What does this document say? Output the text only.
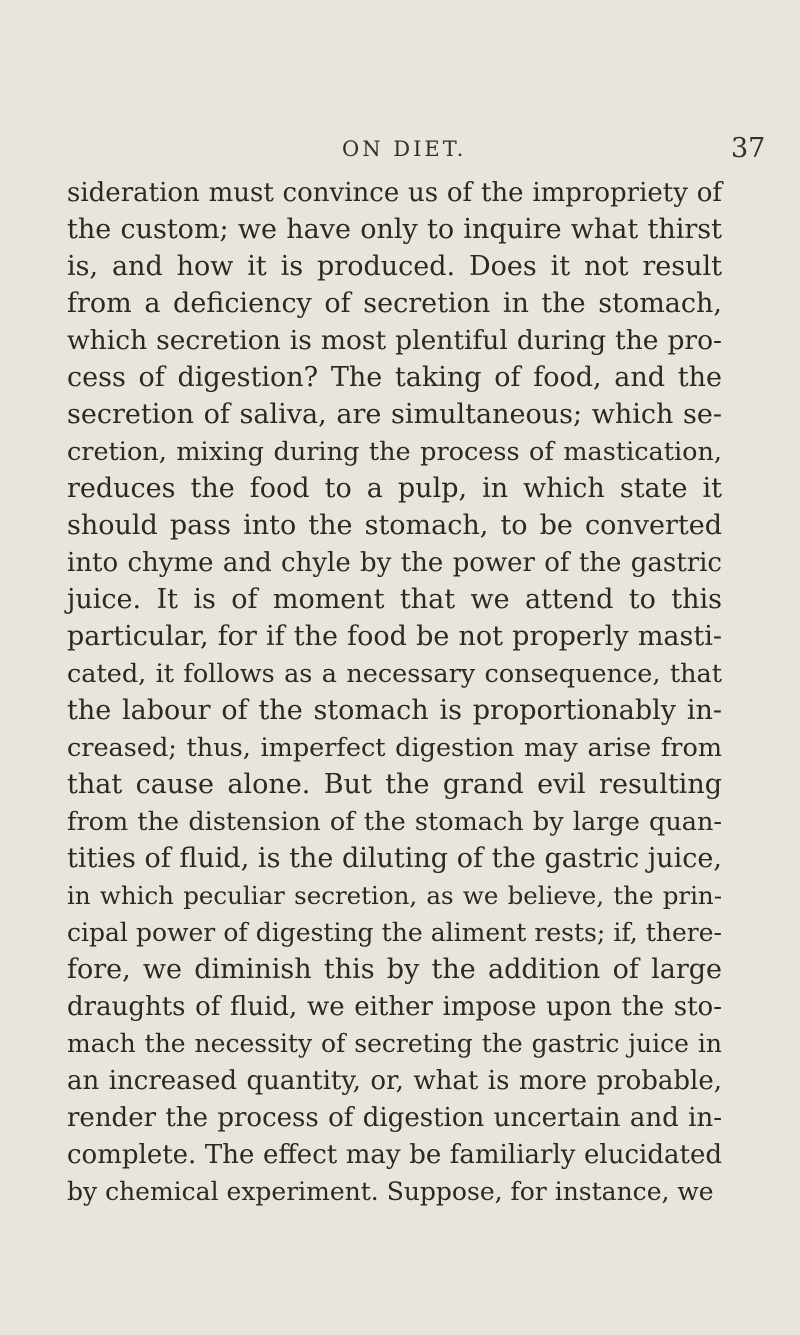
ON DIET.	37
sideration must convince us of the impropriety of
the custom; we have only to inquire what thirst
is, and how it is produced. Does it not result
from a deficiency of secretion in the stomach,
which secretion is most plentiful during the pro-
cess of digestion? The taking of food, and the
secretion of saliva, are simultaneous; which se-
cretion, mixing during the process of mastication,
reduces the food to a pulp, in which state it
should pass into the stomach, to be converted
into chyme and chyle by the power of the gastric
juice. It is of moment that we attend to this
particular, for if the food be not properly masti-
cated, it follows as a necessary consequence, that
the labour of the stomach is proportionably in-
creased; thus, imperfect digestion may arise from
that cause alone. But the grand evil resulting
from the distension of the stomach by large quan-
tities of fluid, is the diluting of the gastric juice,
in which peculiar secretion, as we believe, the prin-
cipal power of digesting the aliment rests; if, there-
fore, we diminish this by the addition of large
draughts of fluid, we either impose upon the sto-
mach the necessity of secreting the gastric juice in
an increased quantity, or, what is more probable,
render the process of digestion uncertain and in-
complete. The effect may be familiarly elucidated
by chemical experiment. Suppose, for instance, we
